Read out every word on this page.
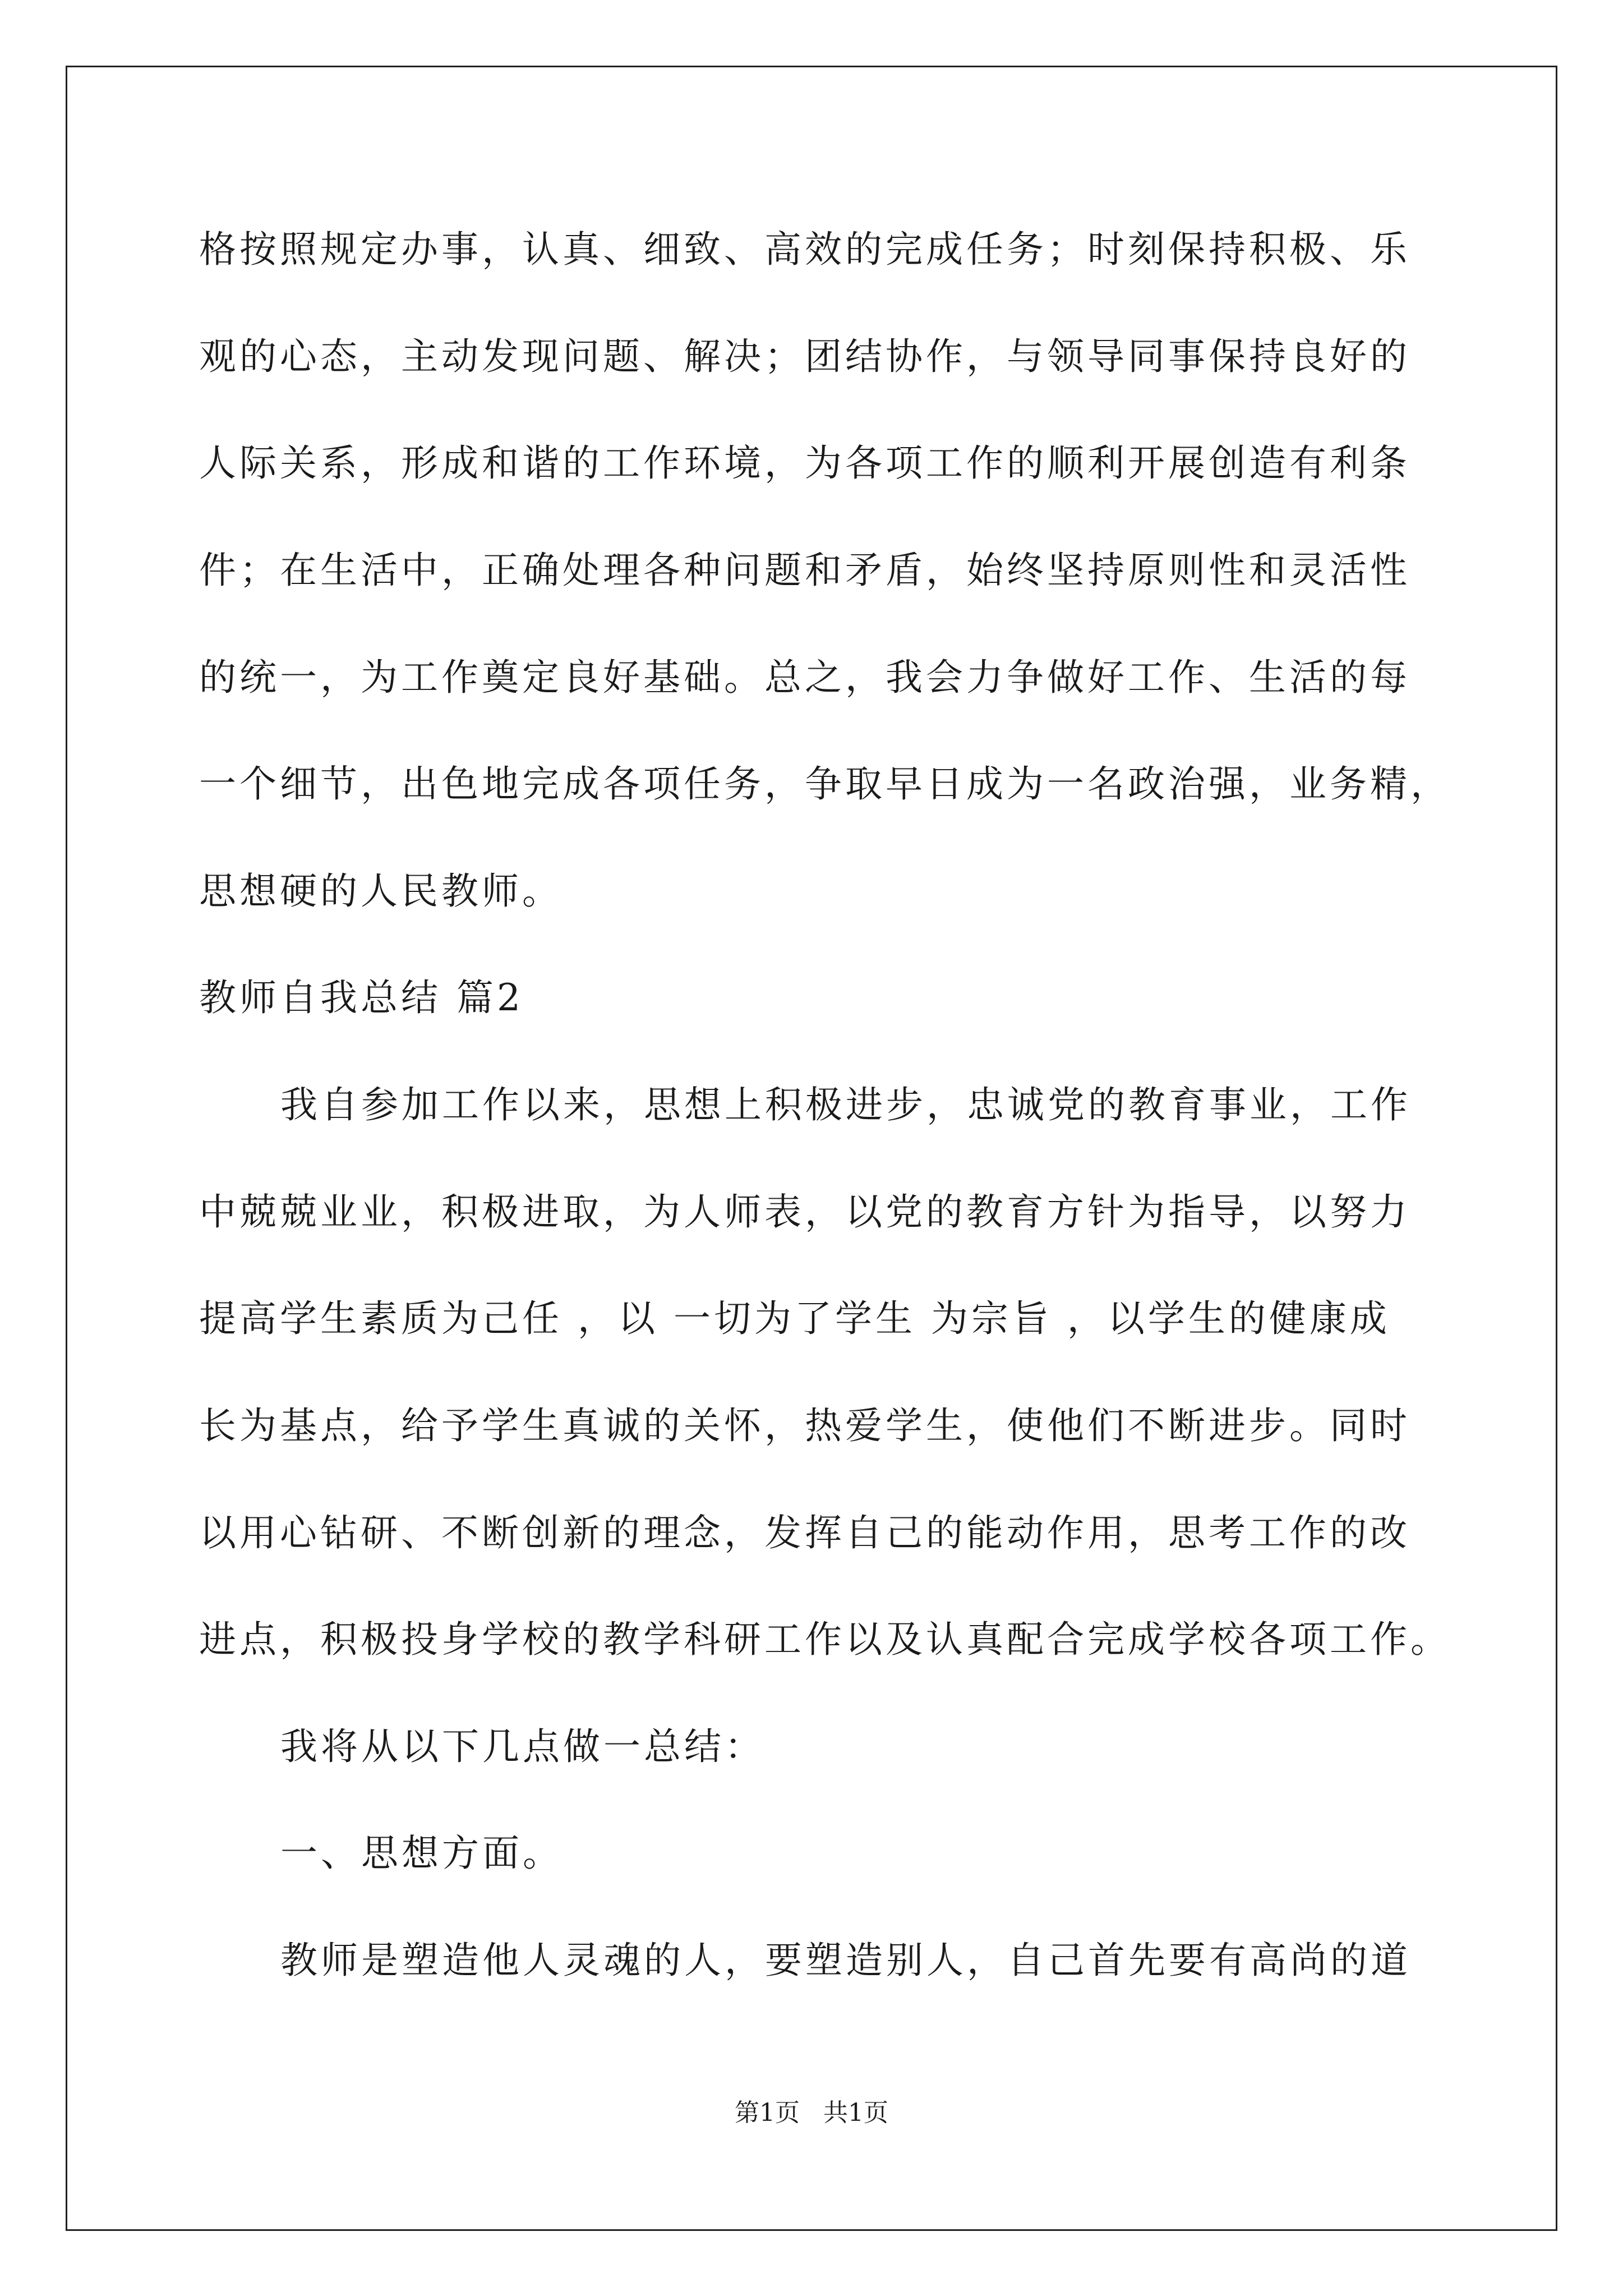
格按照规定办事，认真、细致、高效的完成任务；时刻保持积极、乐
观的心态，主动发现问题、解决；团结协作，与领导同事保持良好的
人际关系，形成和谐的工作环境，为各项工作的顺利开展创造有利条
件；在生活中，正确处理各种问题和矛盾，始终坚持原则性和灵活性
的统一，为工作奠定良好基础。总之，我会力争做好工作、生活的每
一个细节，出色地完成各项任务，争取早日成为一名政治强，业务精，
思想硬的人民教师。
教师自我总结 篇2
我自参加工作以来，思想上积极进步，忠诚党的教育事业，工作
中兢兢业业，积极进取，为人师表，以党的教育方针为指导，以努力
提高学生素质为己任 ，以 一切为了学生 为宗旨 ，以学生的健康成
长为基点，给予学生真诚的关怀，热爱学生，使他们不断进步。同时
以用心钻研、不断创新的理念，发挥自己的能动作用，思考工作的改
进点，积极投身学校的教学科研工作以及认真配合完成学校各项工作。
我将从以下几点做一总结：
一、思想方面。
教师是塑造他人灵魂的人，要塑造别人，自己首先要有高尚的道
第1页   共1页
